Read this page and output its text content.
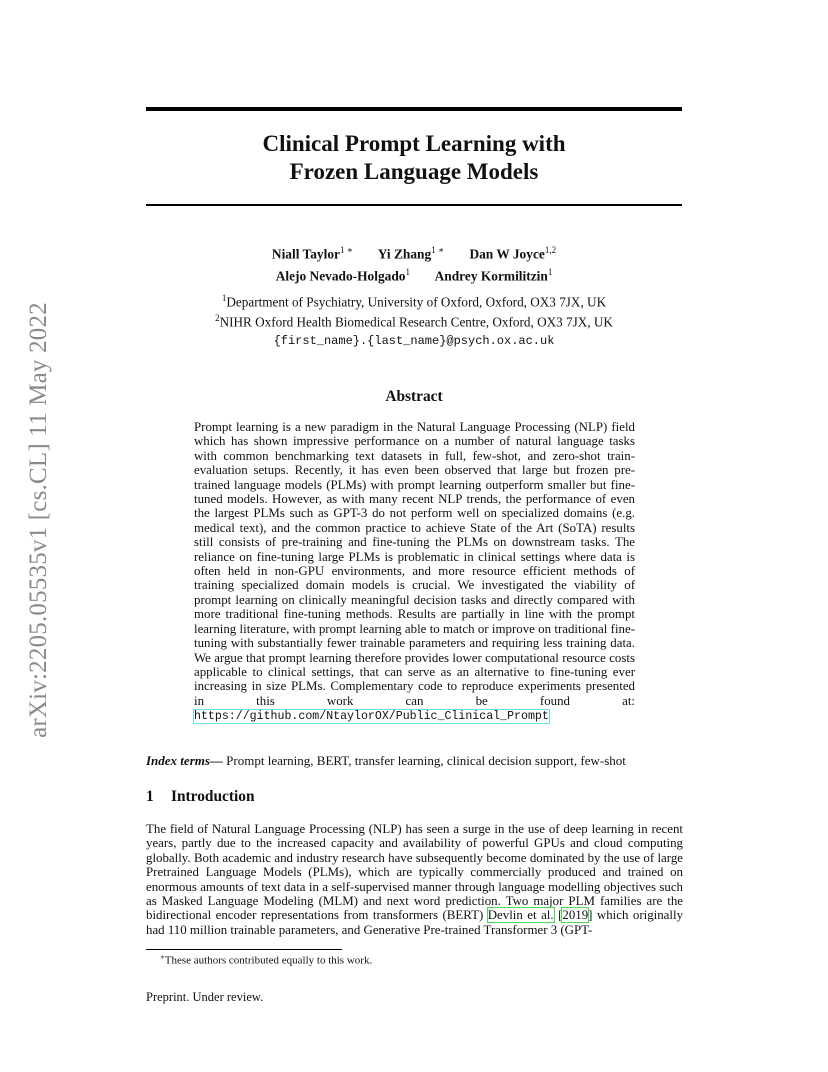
arXiv:2205.05535v1 [cs.CL] 11 May 2022
Clinical Prompt Learning with
Frozen Language Models
Niall Taylor$^{1 ∗}$ Yi Zhang$^{1 ∗}$ Dan W Joyce$^{1,2}$
Alejo Nevado-Holgado$^1$ Andrey Kormilitzin$^1$
$^1$Department of Psychiatry, University of Oxford, Oxford, OX3 7JX, UK
$^2$NIHR Oxford Health Biomedical Research Centre, Oxford, OX3 7JX, UK
{first_name}.{last_name}@psych.ox.ac.uk
Abstract
Prompt learning is a new paradigm in the Natural Language Processing (NLP) field which has shown impressive performance on a number of natural language tasks with common benchmarking text datasets in full, few-shot, and zero-shot train-evaluation setups. Recently, it has even been observed that large but frozen pre-trained language models (PLMs) with prompt learning outperform smaller but fine-tuned models. However, as with many recent NLP trends, the performance of even the largest PLMs such as GPT-3 do not perform well on specialized domains (e.g. medical text), and the common practice to achieve State of the Art (SoTA) results still consists of pre-training and fine-tuning the PLMs on downstream tasks. The reliance on fine-tuning large PLMs is problematic in clinical settings where data is often held in non-GPU environments, and more resource efficient methods of training specialized domain models is crucial. We investigated the viability of prompt learning on clinically meaningful decision tasks and directly compared with more traditional fine-tuning methods. Results are partially in line with the prompt learning literature, with prompt learning able to match or improve on traditional fine-tuning with substantially fewer trainable parameters and requiring less training data. We argue that prompt learning therefore provides lower computational resource costs applicable to clinical settings, that can serve as an alternative to fine-tuning ever increasing in size PLMs. Complementary code to reproduce experiments presented in this work can be found at: https://github.com/NtaylorOX/Public_Clinical_Prompt
Index terms— Prompt learning, BERT, transfer learning, clinical decision support, few-shot
1 Introduction
The field of Natural Language Processing (NLP) has seen a surge in the use of deep learning in recent years, partly due to the increased capacity and availability of powerful GPUs and cloud computing globally. Both academic and industry research have subsequently become dominated by the use of large Pretrained Language Models (PLMs), which are typically commercially produced and trained on enormous amounts of text data in a self-supervised manner through language modelling objectives such as Masked Language Modeling (MLM) and next word prediction. Two major PLM families are the bidirectional encoder representations from transformers (BERT) Devlin et al. [2019] which originally had 110 million trainable parameters, and Generative Pre-trained Transformer 3 (GPT-
∗These authors contributed equally to this work.
Preprint. Under review.
